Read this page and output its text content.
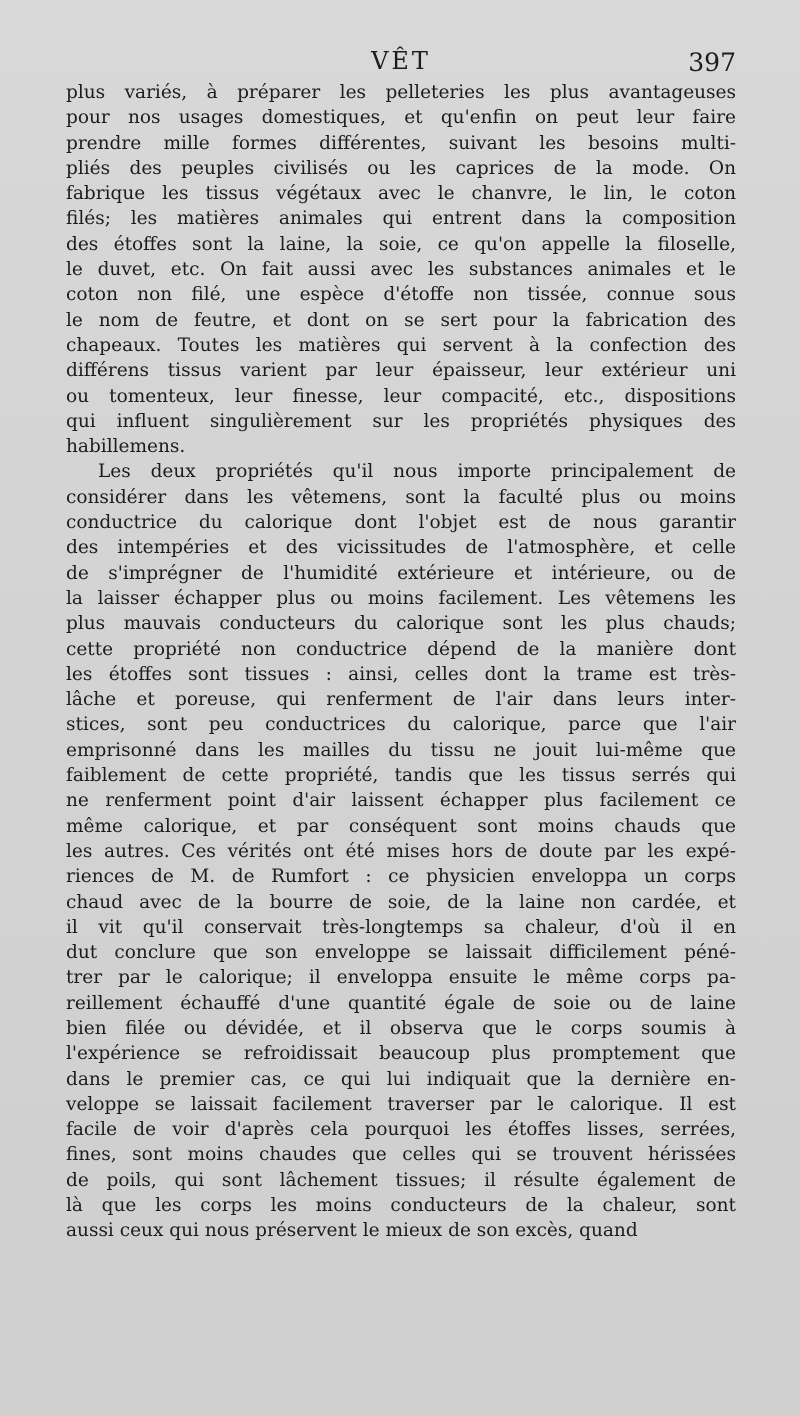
VÊT	397
plus variés, à préparer les pelleteries les plus avantageuses
pour nos usages domestiques, et qu'enfin on peut leur faire
prendre mille formes différentes, suivant les besoins multi-
pliés des peuples civilisés ou les caprices de la mode. On
fabrique les tissus végétaux avec le chanvre, le lin, le coton
filés; les matières animales qui entrent dans la composition
des étoffes sont la laine, la soie, ce qu'on appelle la filoselle,
le duvet, etc. On fait aussi avec les substances animales et le
coton non filé, une espèce d'étoffe non tissée, connue sous
le nom de feutre, et dont on se sert pour la fabrication des
chapeaux. Toutes les matières qui servent à la confection des
différens tissus varient par leur épaisseur, leur extérieur uni
ou tomenteux, leur finesse, leur compacité, etc., dispositions
qui influent singulièrement sur les propriétés physiques des
habillemens.
Les deux propriétés qu'il nous importe principalement de
considérer dans les vêtemens, sont la faculté plus ou moins
conductrice du calorique dont l'objet est de nous garantir
des intempéries et des vicissitudes de l'atmosphère, et celle
de s'imprégner de l'humidité extérieure et intérieure, ou de
la laisser échapper plus ou moins facilement. Les vêtemens les
plus mauvais conducteurs du calorique sont les plus chauds;
cette propriété non conductrice dépend de la manière dont
les étoffes sont tissues : ainsi, celles dont la trame est très-
lâche et poreuse, qui renferment de l'air dans leurs inter-
stices, sont peu conductrices du calorique, parce que l'air
emprisonné dans les mailles du tissu ne jouit lui-même que
faiblement de cette propriété, tandis que les tissus serrés qui
ne renferment point d'air laissent échapper plus facilement ce
même calorique, et par conséquent sont moins chauds que
les autres. Ces vérités ont été mises hors de doute par les expé-
riences de M. de Rumfort : ce physicien enveloppa un corps
chaud avec de la bourre de soie, de la laine non cardée, et
il vit qu'il conservait très-longtemps sa chaleur, d'où il en
dut conclure que son enveloppe se laissait difficilement péné-
trer par le calorique; il enveloppa ensuite le même corps pa-
reillement échauffé d'une quantité égale de soie ou de laine
bien filée ou dévidée, et il observa que le corps soumis à
l'expérience se refroidissait beaucoup plus promptement que
dans le premier cas, ce qui lui indiquait que la dernière en-
veloppe se laissait facilement traverser par le calorique. Il est
facile de voir d'après cela pourquoi les étoffes lisses, serrées,
fines, sont moins chaudes que celles qui se trouvent hérissées
de poils, qui sont lâchement tissues; il résulte également de
là que les corps les moins conducteurs de la chaleur, sont
aussi ceux qui nous préservent le mieux de son excès, quand
